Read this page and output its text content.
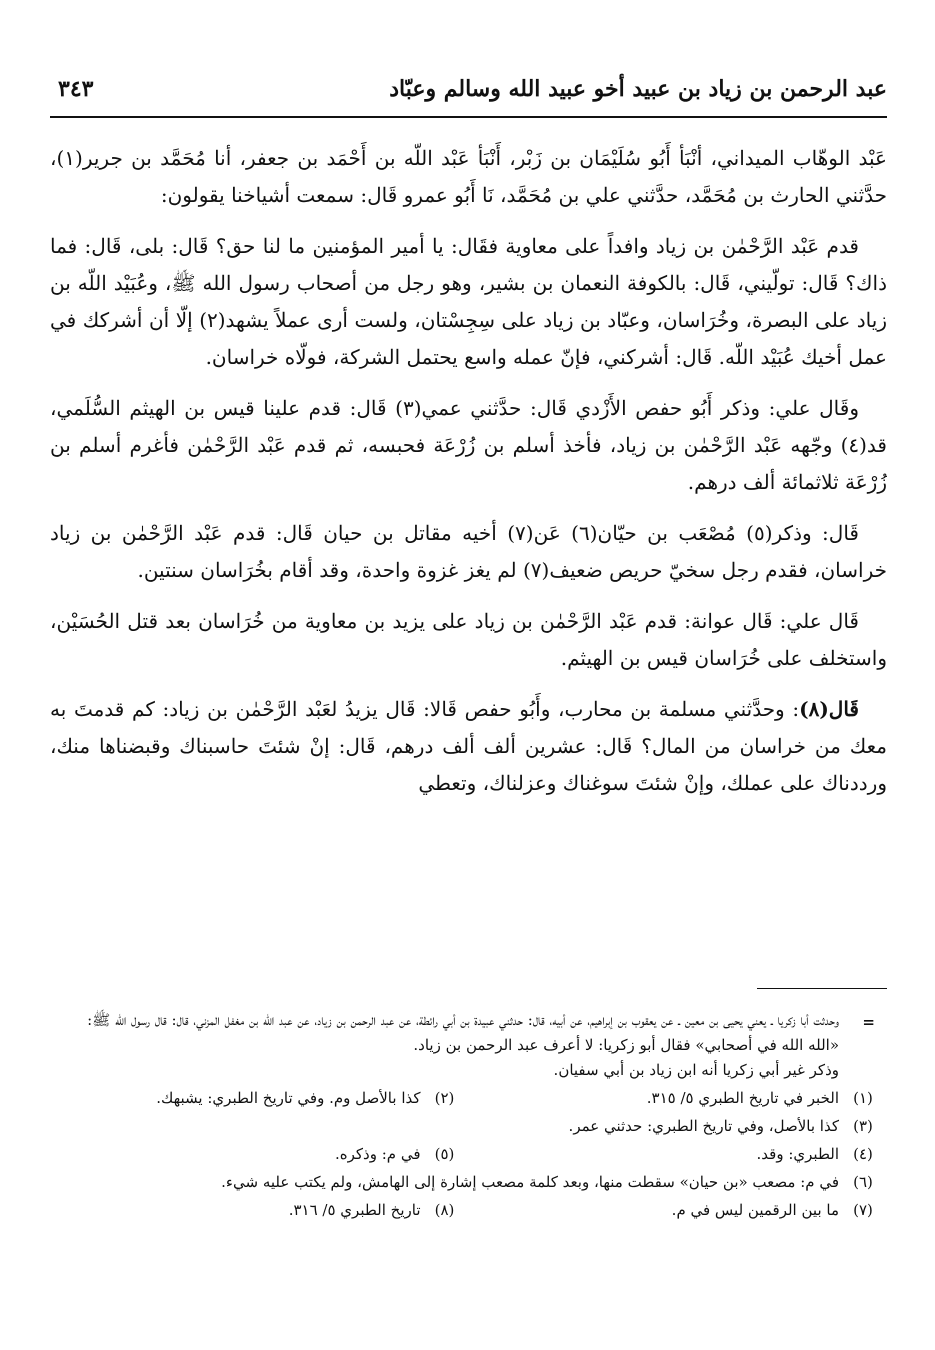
عبد الرحمن بن زياد بن عبيد أخو عبيد الله وسالم وعبّاد
٣٤٣

عَبْد الوهّاب الميداني، أنْبَأ أَبُو سُلَيْمَان بن زَبْر، أَنْبَأ عَبْد اللّه بن أَحْمَد بن جعفر، أنا مُحَمَّد بن جرير(١)، حدَّثني الحارث بن مُحَمَّد، حدَّثني علي بن مُحَمَّد، نَا أَبُو عمرو قَال: سمعت أشياخنا يقولون:

قدم عَبْد الرَّحْمٰن بن زياد وافداً على معاوية فقَال: يا أمير المؤمنين ما لنا حق؟ قَال: بلى، قَال: فما ذاك؟ قَال: تولّيني، قَال: بالكوفة النعمان بن بشير، وهو رجل من أصحاب رسول الله ﷺ، وعُبَيْد اللّه بن زياد على البصرة، وخُرَاسان، وعبّاد بن زياد على سِجِسْتان، ولست أرى عملاً يشهد(٢) إلّا أن أشركك في عمل أخيك عُبَيْد اللّه. قَال: أشركني، فإنّ عمله واسع يحتمل الشركة، فولّاه خراسان.

وقَال علي: وذكر أَبُو حفص الأَزْدي قَال: حدَّثني عمي(٣) قَال: قدم علينا قيس بن الهيثم السُّلَمي، قد(٤) وجّهه عَبْد الرَّحْمٰن بن زياد، فأخذ أسلم بن زُرْعَة فحبسه، ثم قدم عَبْد الرَّحْمٰن فأغرم أسلم بن زُرْعَة ثلاثمائة ألف درهم.

قَال: وذكر(٥) مُصْعَب بن حيّان(٦) عَن(٧) أخيه مقاتل بن حيان قَال: قدم عَبْد الرَّحْمٰن بن زياد خراسان، فقدم رجل سخيّ حريص ضعيف(٧) لم يغز غزوة واحدة، وقد أقام بخُرَاسان سنتين.

قَال علي: قَال عوانة: قدم عَبْد الرَّحْمٰن بن زياد على يزيد بن معاوية من خُرَاسان بعد قتل الحُسَيْن، واستخلف على خُرَاسان قيس بن الهيثم.

قَال(٨): وحدَّثني مسلمة بن محارب، وأَبُو حفص قَالا: قَال يزيدُ لعَبْد الرَّحْمٰن بن زياد: كم قدمتَ به معك من خراسان من المال؟ قَال: عشرين ألف ألف درهم، قَال: إنْ شئتَ حاسبناك وقبضناها منك، ورددناك على عملك، وإنْ شئتَ سوغناك وعزلناك، وتعطي

=

وحدثت أبا زكريا ـ يعني يحيى بن معين ـ عن يعقوب بن إبراهيم، عن أبيه، قال: حدثني عبيدة بن أبي رائطة، عن عبد الرحمن بن زياد، عن عبد الله بن مغفل المزني، قال: قال رسول اللّه ﷺ:

«الله الله في أصحابي» فقال أبو زكريا: لا أعرف عبد الرحمن بن زياد.

وذكر غير أبي زكريا أنه ابن زياد بن أبي سفيان.

(١)
الخبر في تاريخ الطبري ٥/ ٣١٥.
(٢)
كذا بالأصل وم. وفي تاريخ الطبري: يشبهك.
(٣)
كذا بالأصل، وفي تاريخ الطبري: حدثني عمر.
(٤)
الطبري: وقد.
(٥)
في م: وذكره.
(٦)
في م: مصعب «بن حيان» سقطت منها، وبعد كلمة مصعب إشارة إلى الهامش، ولم يكتب عليه شيء.
(٧)
ما بين الرقمين ليس في م.
(٨)
تاريخ الطبري ٥/ ٣١٦.
